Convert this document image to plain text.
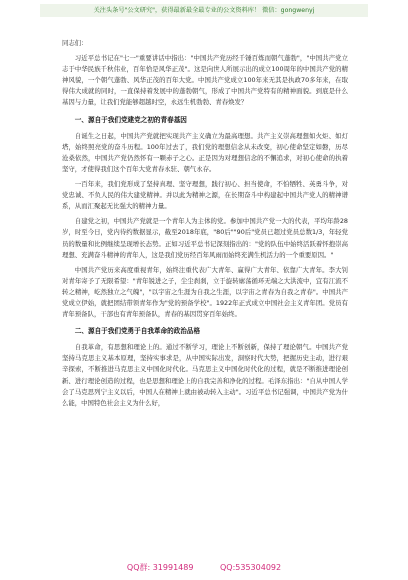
关注头条号"公文研究"，获得最新最全最专业的公文资料库！ 微信：gongwenyj

同志们：

习近平总书记在"七一"重要讲话中指出："中国共产党历经千锤百炼而朝气蓬勃"，"中国共产党立志于中华民族千秋伟业，百年恰是风华正茂"。这是向世人所展示出的成立100周年的中国共产党的精神风貌，一个朝气蓬勃、风华正茂的百年大党。中国共产党成立100年来无其是执政70多年来，在取得伟大成就的同时，一直保持着发展中的蓬勃朝气，形成了中国共产党特有的精神面貌。到底是什么基因与力量，让我们党能够超越时空，永远生机勃勃、青春焕发？

一、源自于我们党建党之初的青春基因

自诞生之日起，中国共产党就把实现共产主义确立为最高理想。共产主义崇高理想如火炬、如灯塔，始终照亮党的奋斗历程。100年过去了，我们党的理想信念从未改变，初心使命坚定如磐，历尽沧桑依然，中国共产党仍然怀有一颗赤子之心。正是因为对理想信念的不懈追求，对初心使命的执着坚守，才使得我们这个百年大党青春永驻、朝气永存。

一百年来，我们党形成了坚持真理、坚守理想，践行初心、担当使命，不怕牺牲、英勇斗争，对党忠诚、不负人民的伟大建党精神。并以此为精神之源，在长期奋斗中构建起中国共产党人的精神谱系，从而汇聚起无比强大的精神力量。

自建党之初，中国共产党就是一个青年人为主体的党。参加中国共产党一大的代表，平均年龄28岁，时至今日，党内待约数据显示，截至2018年底，"80后""90后"党员已超过党员总数1/3，年轻党员的数量和比例继续呈现增长态势。正如习近平总书记深刻指出的："党的队伍中始终活跃着怀抱崇高理想、充满奋斗精神的青年人，这是我们党历经百年风雨而始终充满生机活力的一个重要原因。"

中国共产党历来高度重视青年，始终注重代表广大青年、赢得广大青年、依靠广大青年。李大钊对青年寄予了无限希望："青年锐进之子，尘尘刹刹，立于旋转廓荡循环无端之大洪流中，宜有江流不转之精神，屹然独立之气魄"，"以宇宙之生涯为自我之生涯，以宇宙之青春为自我之青春"。中国共产党成立伊始，就把团结带领青年作为"党的预备学校"。1922年正式成立中国社会主义青年团。党员有青年预备队，干部也有青年预备队，青春的基因贯穿百年始终。

二、源自于我们党勇于自我革命的政治品格

自我革命，有思想和理论上的。通过不断学习，理论上不断创新，保持了理论朝气。中国共产党坚持马克思主义基本原理，坚持实事求是，从中国实际出发，洞察时代大势，把握历史主动，进行艰辛探索，不断推进马克思主义中国化时代化。马克思主义中国化时代化的过程，就是不断推进理论创新、进行理论创造的过程，也是思想和理论上的自我完善和净化的过程。毛泽东指出："自从中国人学会了马克思列宁主义以后，中国人在精神上就由被动转入主动"。习近平总书记强调，中国共产党为什么能，中国特色社会主义为什么好，

QQ群: 31991489	QQ:535304092
